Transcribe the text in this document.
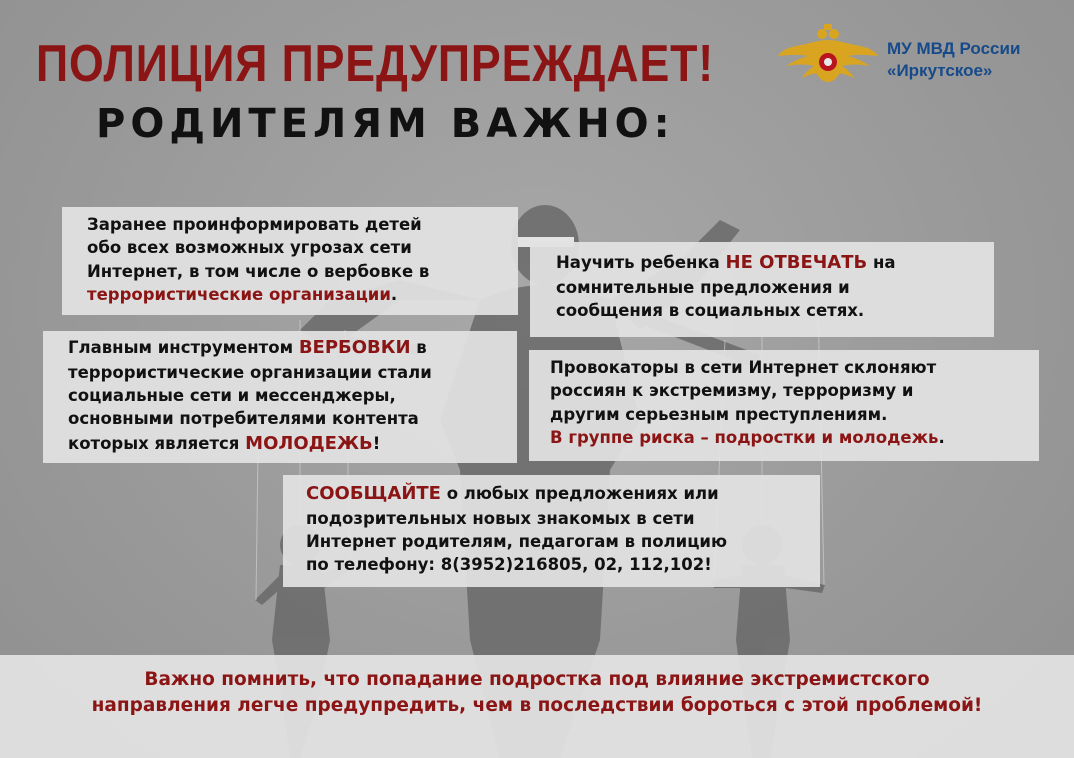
ПОЛИЦИЯ ПРЕДУПРЕЖДАЕТ!
РОДИТЕЛЯМ ВАЖНО:
МУ МВД России
«Иркутское»
Заранее проинформировать детей
обо всех возможных угрозах сети
Интернет, в том числе о вербовке в
террористические организации.
Научить ребенка НЕ ОТВЕЧАТЬ на
сомнительные предложения и
сообщения в социальных сетях.
Главным инструментом ВЕРБОВКИ в
террористические организации стали
социальные сети и мессенджеры,
основными потребителями контента
которых является МОЛОДЕЖЬ!
Провокаторы в сети Интернет склоняют
россиян к экстремизму, терроризму и
другим серьезным преступлениям.
В группе риска – подростки и молодежь.
СООБЩАЙТЕ о любых предложениях или
подозрительных новых знакомых в сети
Интернет родителям, педагогам в полицию
по телефону: 8(3952)216805, 02, 112,102!
Важно помнить, что попадание подростка под влияние экстремистского
направления легче предупредить, чем в последствии бороться с этой проблемой!
